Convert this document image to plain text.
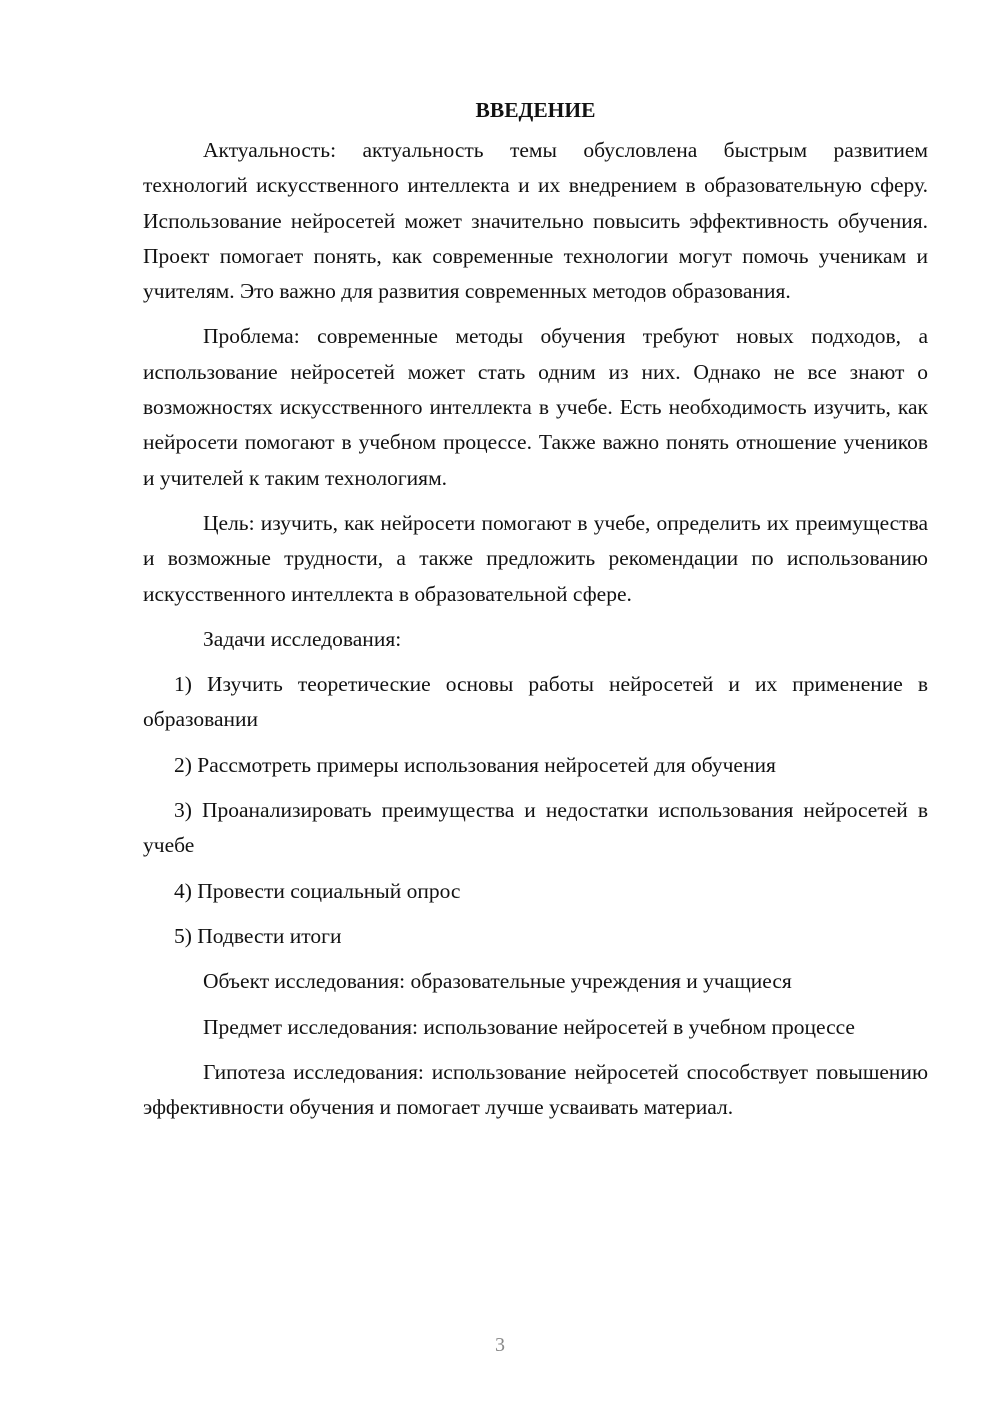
ВВЕДЕНИЕ

Актуальность: актуальность темы обусловлена быстрым развитием технологий искусственного интеллекта и их внедрением в образовательную сферу. Использование нейросетей может значительно повысить эффективность обучения. Проект помогает понять, как современные технологии могут помочь ученикам и учителям. Это важно для развития современных методов образования.

Проблема: современные методы обучения требуют новых подходов, а использование нейросетей может стать одним из них. Однако не все знают о возможностях искусственного интеллекта в учебе. Есть необходимость изучить, как нейросети помогают в учебном процессе. Также важно понять отношение учеников и учителей к таким технологиям.

Цель: изучить, как нейросети помогают в учебе, определить их преимущества и возможные трудности, а также предложить рекомендации по использованию искусственного интеллекта в образовательной сфере.

Задачи исследования:

1) Изучить теоретические основы работы нейросетей и их применение в образовании

2) Рассмотреть примеры использования нейросетей для обучения

3) Проанализировать преимущества и недостатки использования нейросетей в учебе

4) Провести социальный опрос

5) Подвести итоги

Объект исследования: образовательные учреждения и учащиеся

Предмет исследования: использование нейросетей в учебном процессе

Гипотеза исследования: использование нейросетей способствует повышению эффективности обучения и помогает лучше усваивать материал.

3
